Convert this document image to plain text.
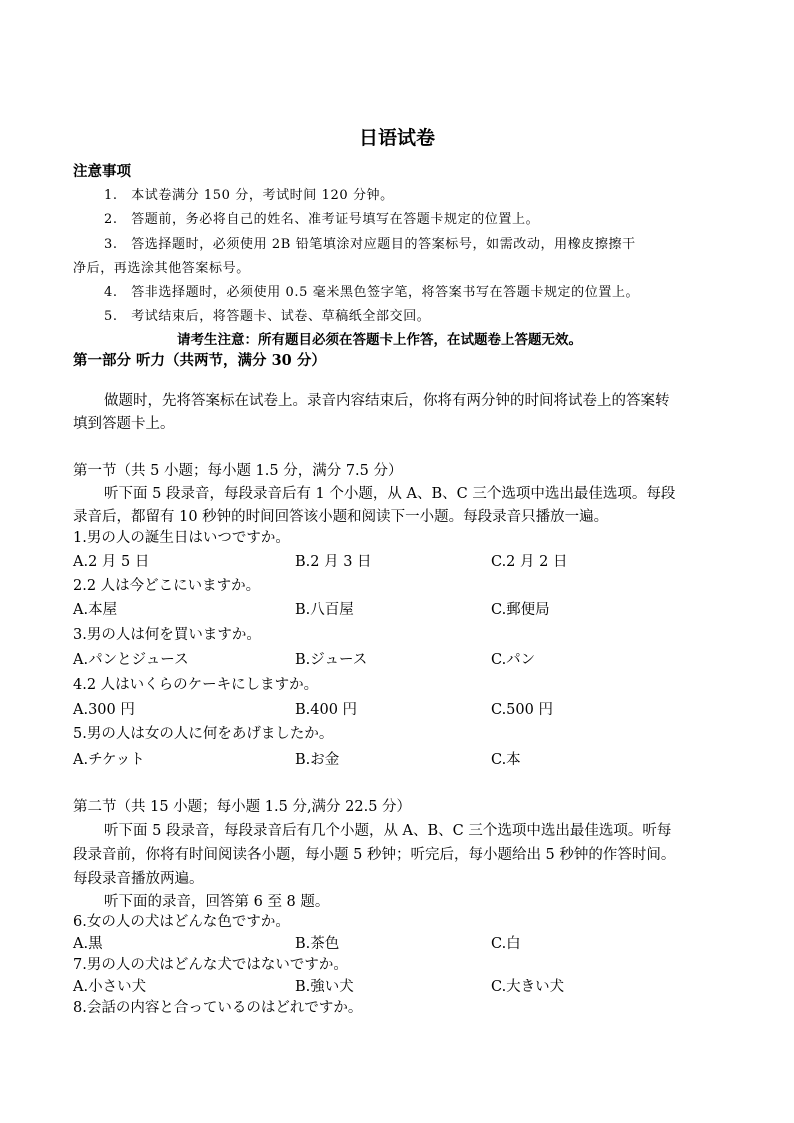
日语试卷
注意事项
1.　本试卷满分 150 分，考试时间 120 分钟。
2.　答题前，务必将自己的姓名、准考证号填写在答题卡规定的位置上。
3.　答选择题时，必须使用 2B 铅笔填涂对应题目的答案标号，如需改动，用橡皮擦擦干
净后，再选涂其他答案标号。
4.　答非选择题时，必须使用 0.5 毫米黑色签字笔，将答案书写在答题卡规定的位置上。
5.　考试结束后，将答题卡、试卷、草稿纸全部交回。
请考生注意：所有题目必须在答题卡上作答，在试题卷上答题无效。
第一部分 听力（共两节，满分 30 分）
做题时，先将答案标在试卷上。录音内容结束后，你将有两分钟的时间将试卷上的答案转
填到答题卡上。
第一节（共 5 小题；每小题 1.5 分，满分 7.5 分）
听下面 5 段录音，每段录音后有 1 个小题，从 A、B、C 三个选项中选出最佳选项。每段
录音后，都留有 10 秒钟的时间回答该小题和阅读下一小题。每段录音只播放一遍。
1.男の人の誕生日はいつですか。
A.2 月 5 日	B.2 月 3 日	C.2 月 2 日
2.2 人は今どこにいますか。
A.本屋	B.八百屋	C.郵便局
3.男の人は何を買いますか。
A.パンとジュース	B.ジュース	C.パン
4.2 人はいくらのケーキにしますか。
A.300 円	B.400 円	C.500 円
5.男の人は女の人に何をあげましたか。
A.チケット	B.お金	C.本
第二节（共 15 小题；每小题 1.5 分,满分 22.5 分）
听下面 5 段录音，每段录音后有几个小题，从 A、B、C 三个选项中选出最佳选项。听每
段录音前，你将有时间阅读各小题，每小题 5 秒钟；听完后，每小题给出 5 秒钟的作答时间。
每段录音播放两遍。
听下面的录音，回答第 6 至 8 题。
6.女の人の犬はどんな色ですか。
A.黒	B.茶色	C.白
7.男の人の犬はどんな犬ではないですか。
A.小さい犬	B.強い犬	C.大きい犬
8.会話の内容と合っているのはどれですか。
